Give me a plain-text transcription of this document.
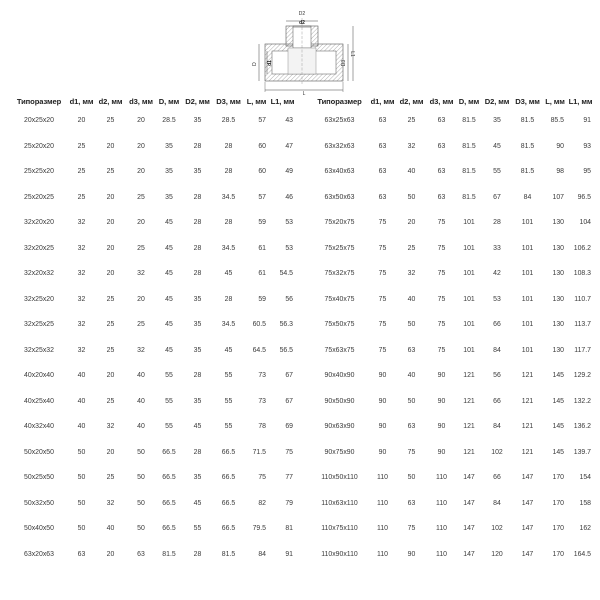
D2
d2
D d1	D3
L1
L
Типоразмер	d1, мм	d2, мм	d3, мм	D, мм	D2, мм	D3, мм	L, мм	L1, мм
20х25х20	20	25	20	28.5	35	28.5	57	43
25х20х20	25	20	20	35	28	28	60	47
25х25х20	25	25	20	35	35	28	60	49
25х20х25	25	20	25	35	28	34.5	57	46
32х20х20	32	20	20	45	28	28	59	53
32х20х25	32	20	25	45	28	34.5	61	53
32х20х32	32	20	32	45	28	45	61	54.5
32х25х20	32	25	20	45	35	28	59	56
32х25х25	32	25	25	45	35	34.5	60.5	56.3
32х25х32	32	25	32	45	35	45	64.5	56.5
40х20х40	40	20	40	55	28	55	73	67
40х25х40	40	25	40	55	35	55	73	67
40х32х40	40	32	40	55	45	55	78	69
50х20х50	50	20	50	66.5	28	66.5	71.5	75
50х25х50	50	25	50	66.5	35	66.5	75	77
50х32х50	50	32	50	66.5	45	66.5	82	79
50х40х50	50	40	50	66.5	55	66.5	79.5	81
63х20х63	63	20	63	81.5	28	81.5	84	91
Типоразмер	d1, мм	d2, мм	d3, мм	D, мм	D2, мм	D3, мм	L, мм	L1, мм
63х25х63	63	25	63	81.5	35	81.5	85.5	91
63х32х63	63	32	63	81.5	45	81.5	90	93
63х40х63	63	40	63	81.5	55	81.5	98	95
63х50х63	63	50	63	81.5	67	84	107	96.5
75х20х75	75	20	75	101	28	101	130	104
75х25х75	75	25	75	101	33	101	130	106.2
75х32х75	75	32	75	101	42	101	130	108.3
75х40х75	75	40	75	101	53	101	130	110.7
75х50х75	75	50	75	101	66	101	130	113.7
75х63х75	75	63	75	101	84	101	130	117.7
90х40х90	90	40	90	121	56	121	145	129.2
90х50х90	90	50	90	121	66	121	145	132.2
90х63х90	90	63	90	121	84	121	145	136.2
90х75х90	90	75	90	121	102	121	145	139.7
110х50х110	110	50	110	147	66	147	170	154
110х63х110	110	63	110	147	84	147	170	158
110х75х110	110	75	110	147	102	147	170	162
110х90х110	110	90	110	147	120	147	170	164.5
